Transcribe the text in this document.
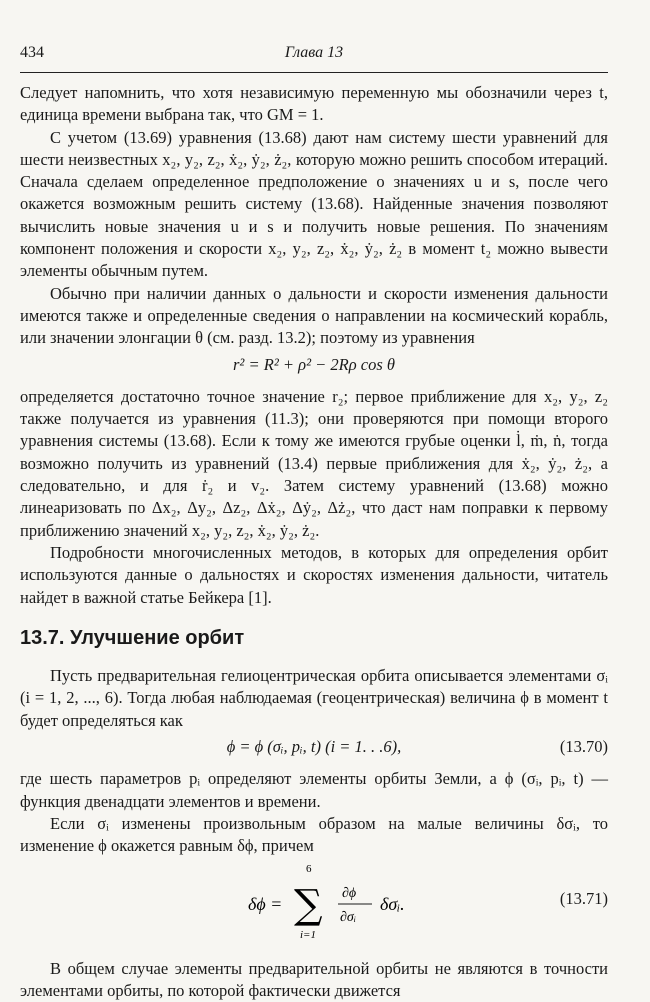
434	Глава 13

Следует напомнить, что хотя независимую переменную мы обозначили через t, единица времени выбрана так, что GM = 1.

С учетом (13.69) уравнения (13.68) дают нам систему шести уравнений для шести неизвестных x₂, y₂, z₂, ẋ₂, ẏ₂, ż₂, которую можно решить способом итераций. Сначала сделаем определенное предположение о значениях u и s, после чего окажется возможным решить систему (13.68). Найденные значения позволяют вычислить новые значения u и s и получить новые решения. По значениям компонент положения и скорости x₂, y₂, z₂, ẋ₂, ẏ₂, ż₂ в момент t₂ можно вывести элементы обычным путем.

Обычно при наличии данных о дальности и скорости изменения дальности имеются также и определенные сведения о направлении на космический корабль, или значении элонгации θ (см. разд. 13.2); поэтому из уравнения

r² = R² + ρ² − 2Rρ cos θ

определяется достаточно точное значение r₂; первое приближение для x₂, y₂, z₂ также получается из уравнения (11.3); они проверяются при помощи второго уравнения системы (13.68). Если к тому же имеются грубые оценки l̇, ṁ, ṅ, тогда возможно получить из уравнений (13.4) первые приближения для ẋ₂, ẏ₂, ż₂, а следовательно, и для ṙ₂ и v₂. Затем систему уравнений (13.68) можно линеаризовать по Δx₂, Δy₂, Δz₂, Δẋ₂, Δẏ₂, Δż₂, что даст нам поправки к первому приближению значений x₂, y₂, z₂, ẋ₂, ẏ₂, ż₂.

Подробности многочисленных методов, в которых для определения орбит используются данные о дальностях и скоростях изменения дальности, читатель найдет в важной статье Бейкера [1].

13.7. Улучшение орбит

Пусть предварительная гелиоцентрическая орбита описывается элементами σᵢ (i = 1, 2, ..., 6). Тогда любая наблюдаемая (геоцентрическая) величина ϕ в момент t будет определяться как

ϕ = ϕ (σᵢ, pᵢ, t) (i = 1. . .6),	(13.70)

где шесть параметров pᵢ определяют элементы орбиты Земли, а ϕ (σᵢ, pᵢ, t) — функция двенадцати элементов и времени.

Если σᵢ изменены произвольным образом на малые величины δσᵢ, то изменение ϕ окажется равным δϕ, причем

δϕ =
6
∑
i=1
∂ϕ
∂σᵢ
δσᵢ.	(13.71)

В общем случае элементы предварительной орбиты не являются в точности элементами орбиты, по которой фактически движется
